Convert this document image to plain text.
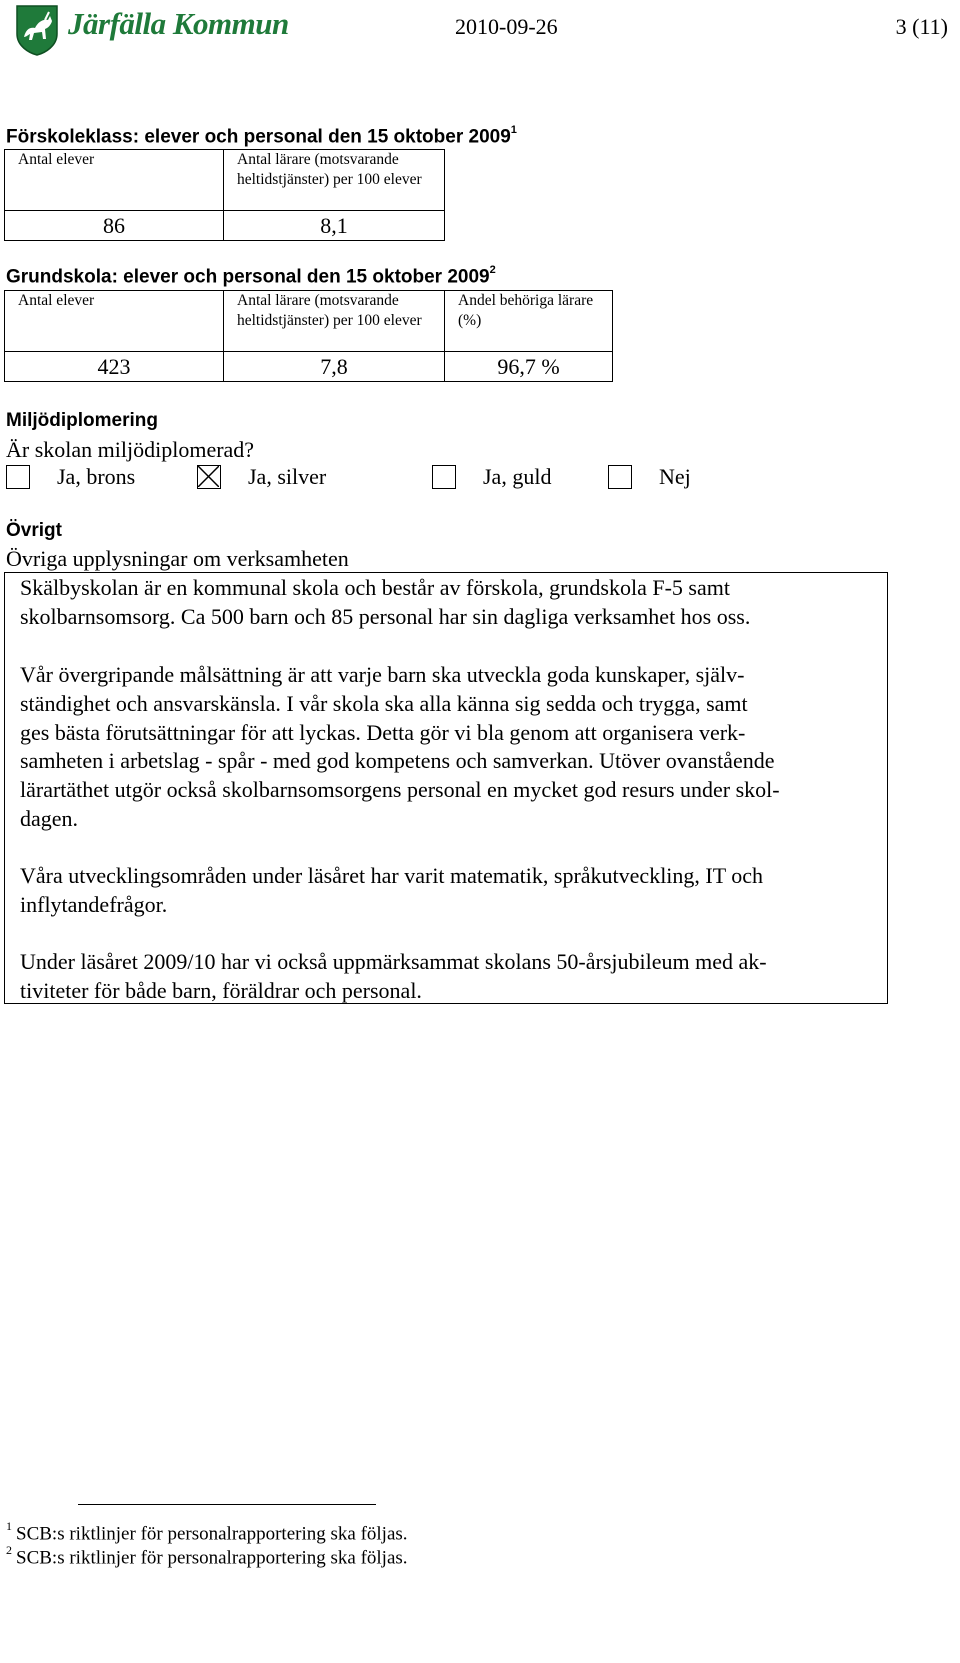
Järfälla Kommun	2010-09-26	3 (11)
Förskoleklass: elever och personal den 15 oktober 2009$^1$
Antal elever	Antal lärare (motsvarande heltidstjänster) per 100 elever
86	8,1
Grundskola: elever och personal den 15 oktober 2009$^2$
Antal elever	Antal lärare (motsvarande heltidstjänster) per 100 elever	Andel behöriga lärare (%)
423	7,8	96,7 %
Miljödiplomering
Är skolan miljödiplomerad?
Ja, brons	Ja, silver	Ja, guld	Nej
Övrigt
Övriga upplysningar om verksamheten

Skälbyskolan är en kommunal skola och består av förskola, grundskola F-5 samt
skolbarnsomsorg. Ca 500 barn och 85 personal har sin dagliga verksamhet hos oss.

Vår övergripande målsättning är att varje barn ska utveckla goda kunskaper, själv-
ständighet och ansvarskänsla. I vår skola ska alla känna sig sedda och trygga, samt
ges bästa förutsättningar för att lyckas. Detta gör vi bla genom att organisera verk-
samheten i arbetslag - spår - med god kompetens och samverkan. Utöver ovanstående
lärartäthet utgör också skolbarnsomsorgens personal en mycket god resurs under skol-
dagen.

Våra utvecklingsområden under läsåret har varit matematik, språkutveckling, IT och
inflytandefrågor.

Under läsåret 2009/10 har vi också uppmärksammat skolans 50-årsjubileum med ak-
tiviteter för både barn, föräldrar och personal.

$^1$ SCB:s riktlinjer för personalrapportering ska följas.
$^2$ SCB:s riktlinjer för personalrapportering ska följas.
